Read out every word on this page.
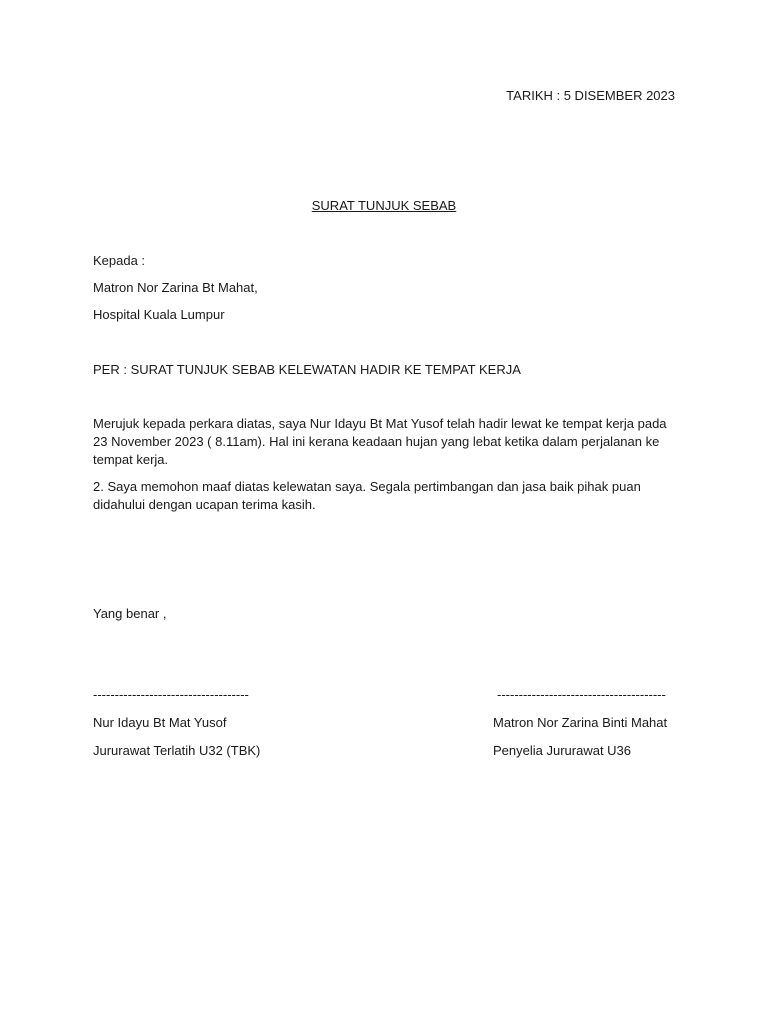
TARIKH : 5 DISEMBER 2023
SURAT TUNJUK SEBAB
Kepada :
Matron Nor Zarina Bt Mahat,
Hospital Kuala Lumpur
PER : SURAT TUNJUK SEBAB KELEWATAN HADIR KE TEMPAT KERJA
Merujuk kepada perkara diatas, saya Nur Idayu Bt Mat Yusof telah hadir lewat ke tempat kerja pada 23 November 2023 ( 8.11am). Hal ini kerana keadaan hujan yang lebat ketika dalam perjalanan ke tempat kerja.
2. Saya memohon maaf diatas kelewatan saya. Segala pertimbangan dan jasa baik pihak puan didahului dengan ucapan terima kasih.
Yang benar ,
------------------------------------	---------------------------------------
Nur Idayu Bt Mat Yusof	Matron Nor Zarina Binti Mahat
Jururawat Terlatih U32 (TBK)	Penyelia Jururawat U36
